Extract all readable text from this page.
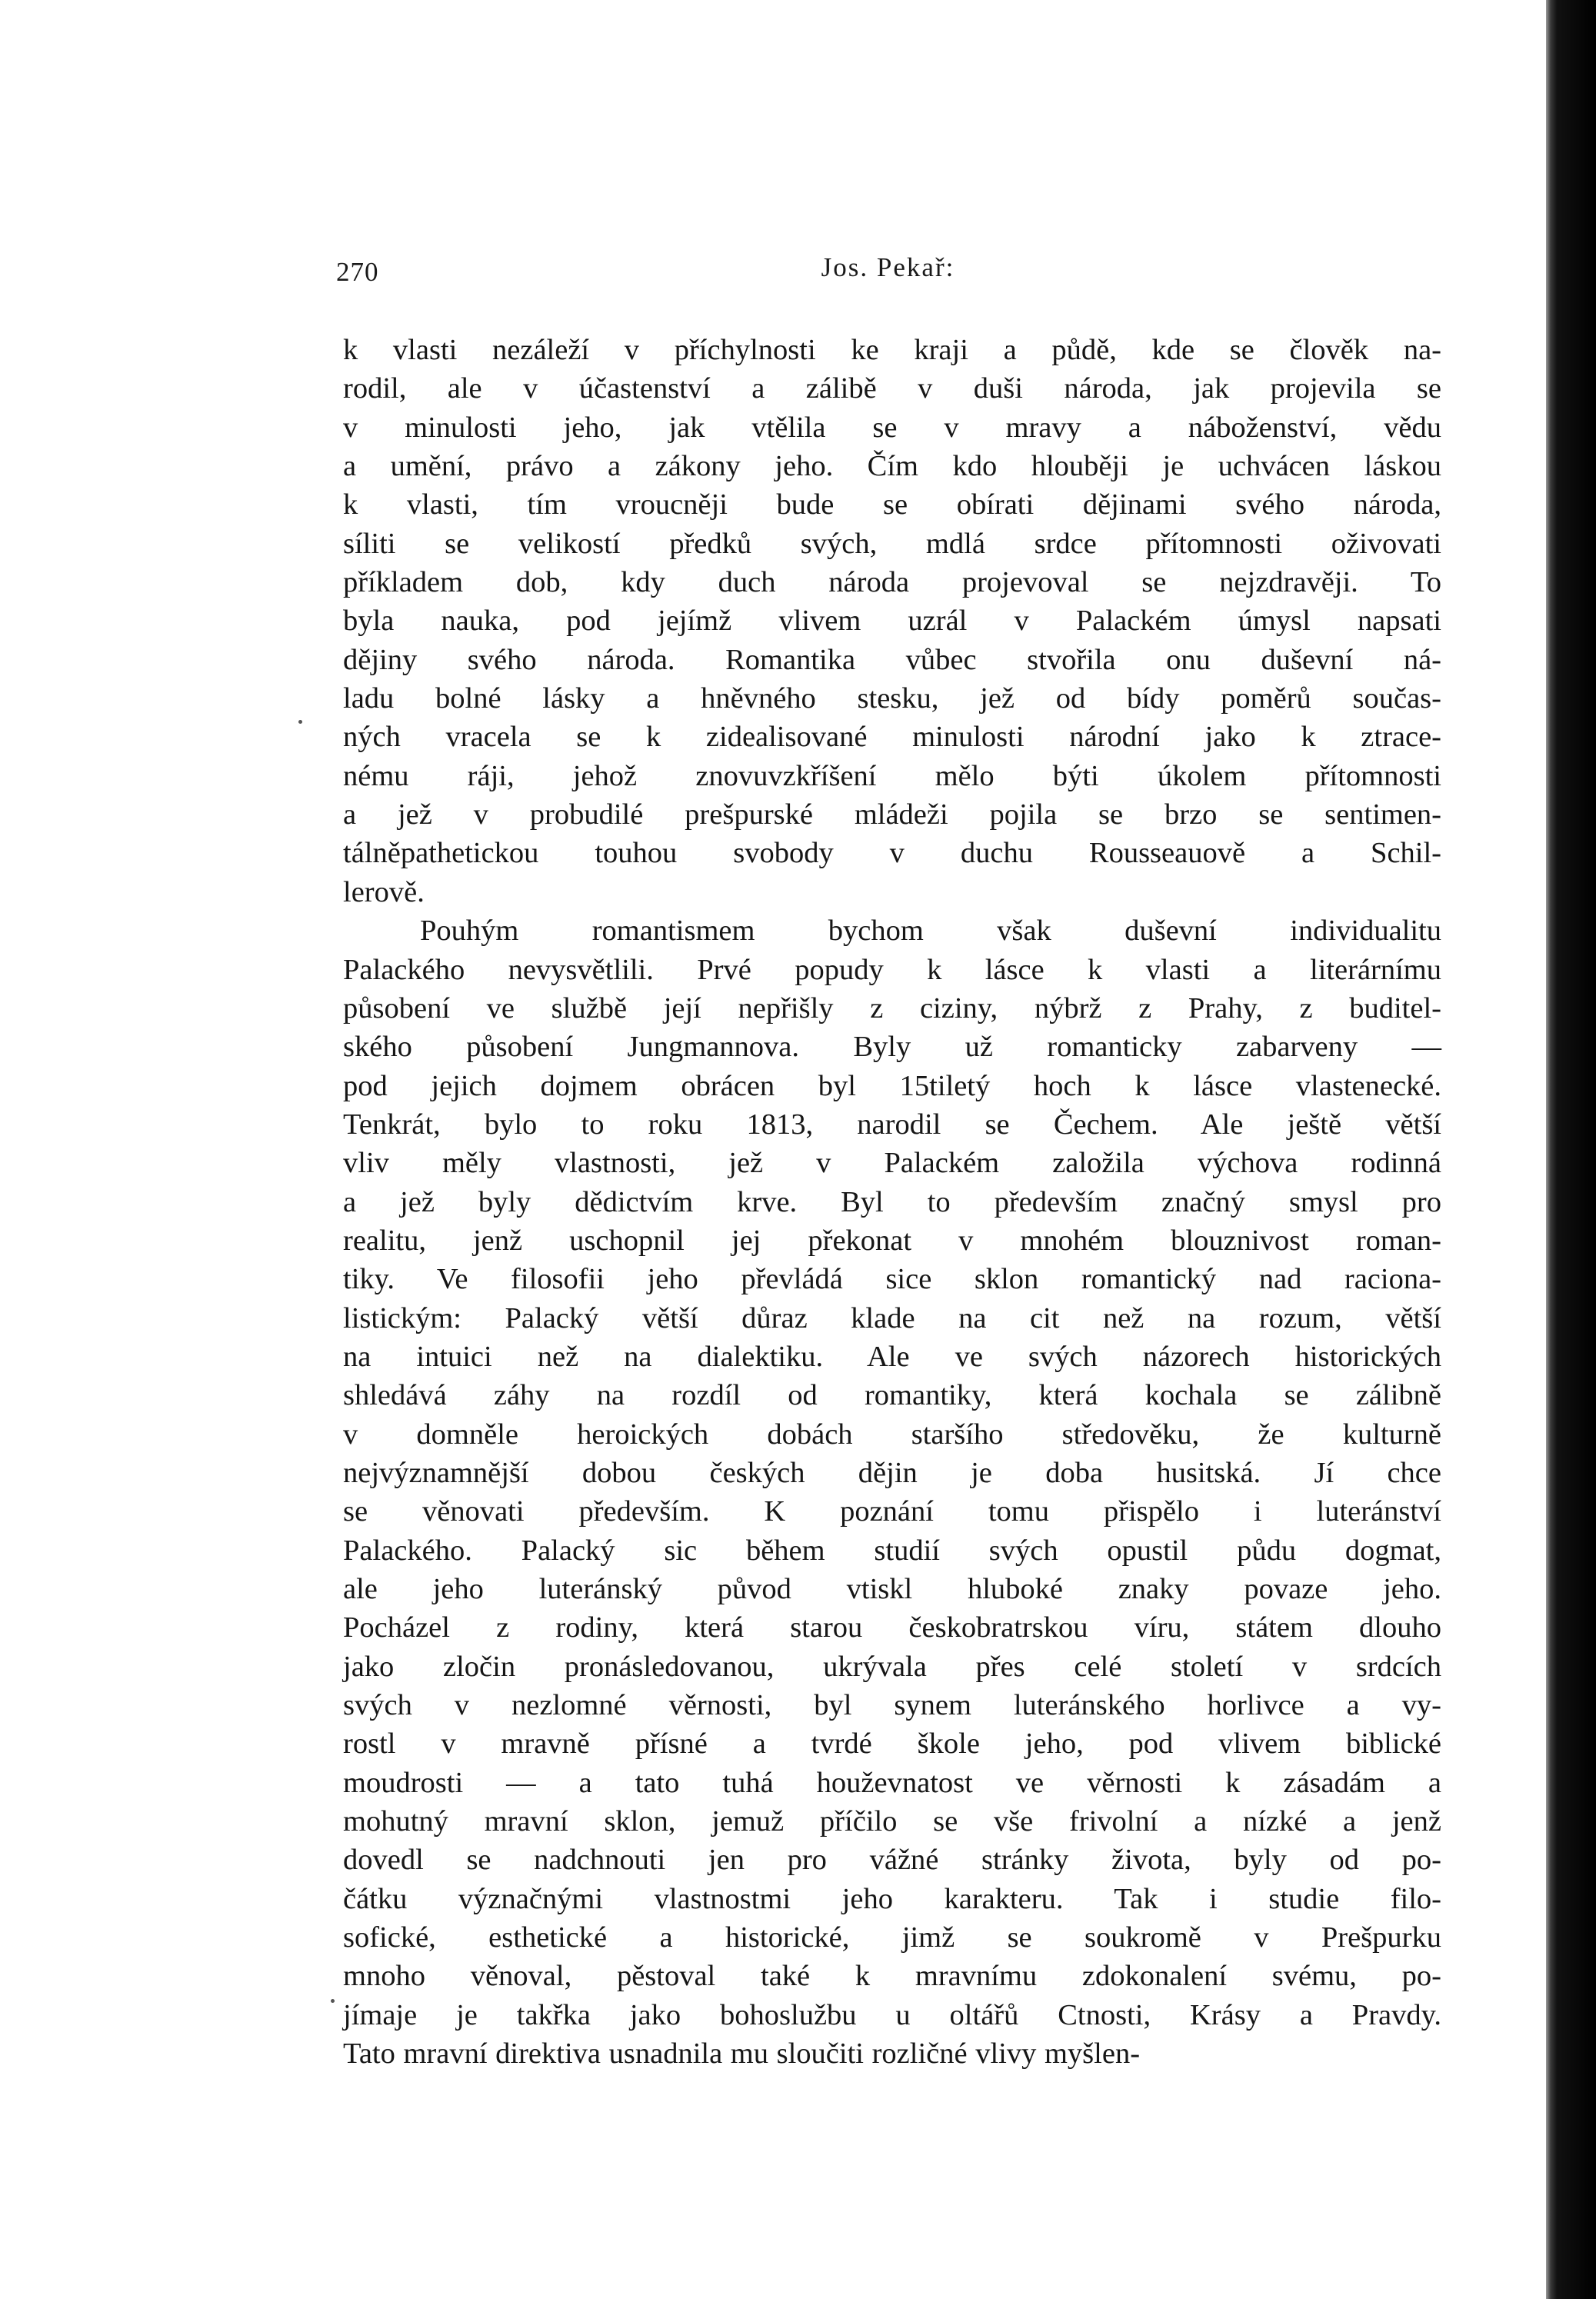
270	Jos. Pekař:
k vlasti nezáleží v příchylnosti ke kraji a půdě, kde se člověk na-
rodil, ale v účastenství a zálibě v duši národa, jak projevila se
v minulosti jeho, jak vtělila se v mravy a náboženství, vědu
a umění, právo a zákony jeho. Čím kdo hlouběji je uchvácen láskou
k vlasti, tím vroucněji bude se obírati dějinami svého národa,
síliti se velikostí předků svých, mdlá srdce přítomnosti oživovati
příkladem dob, kdy duch národa projevoval se nejzdravěji. To
byla nauka, pod jejímž vlivem uzrál v Palackém úmysl napsati
dějiny svého národa. Romantika vůbec stvořila onu duševní ná-
ladu bolné lásky a hněvného stesku, jež od bídy poměrů součas-
ných vracela se k zidealisované minulosti národní jako k ztrace-
nému ráji, jehož znovuvzkříšení mělo býti úkolem přítomnosti
a jež v probudilé prešpurské mládeži pojila se brzo se sentimen-
tálněpathetickou touhou svobody v duchu Rousseauově a Schil-
lerově.
Pouhým romantismem bychom však duševní individualitu
Palackého nevysvětlili. Prvé popudy k lásce k vlasti a literárnímu
působení ve službě její nepřišly z ciziny, nýbrž z Prahy, z buditel-
ského působení Jungmannova. Byly už romanticky zabarveny —
pod jejich dojmem obrácen byl 15tiletý hoch k lásce vlastenecké.
Tenkrát, bylo to roku 1813, narodil se Čechem. Ale ještě větší
vliv měly vlastnosti, jež v Palackém založila výchova rodinná
a jež byly dědictvím krve. Byl to především značný smysl pro
realitu, jenž uschopnil jej překonat v mnohém blouznivost roman-
tiky. Ve filosofii jeho převládá sice sklon romantický nad raciona-
listickým: Palacký větší důraz klade na cit než na rozum, větší
na intuici než na dialektiku. Ale ve svých názorech historických
shledává záhy na rozdíl od romantiky, která kochala se zálibně
v domněle heroických dobách staršího středověku, že kulturně
nejvýznamnější dobou českých dějin je doba husitská. Jí chce
se věnovati především. K poznání tomu přispělo i luteránství
Palackého. Palacký sic během studií svých opustil půdu dogmat,
ale jeho luteránský původ vtiskl hluboké znaky povaze jeho.
Pocházel z rodiny, která starou českobratrskou víru, státem dlouho
jako zločin pronásledovanou, ukrývala přes celé století v srdcích
svých v nezlomné věrnosti, byl synem luteránského horlivce a vy-
rostl v mravně přísné a tvrdé škole jeho, pod vlivem biblické
moudrosti — a tato tuhá houževnatost ve věrnosti k zásadám a
mohutný mravní sklon, jemuž příčilo se vše frivolní a nízké a jenž
dovedl se nadchnouti jen pro vážné stránky života, byly od po-
čátku význačnými vlastnostmi jeho karakteru. Tak i studie filo-
sofické, esthetické a historické, jimž se soukromě v Prešpurku
mnoho věnoval, pěstoval také k mravnímu zdokonalení svému, po-
jímaje je takřka jako bohoslužbu u oltářů Ctnosti, Krásy a Pravdy.
Tato mravní direktiva usnadnila mu sloučiti rozličné vlivy myšlen-
